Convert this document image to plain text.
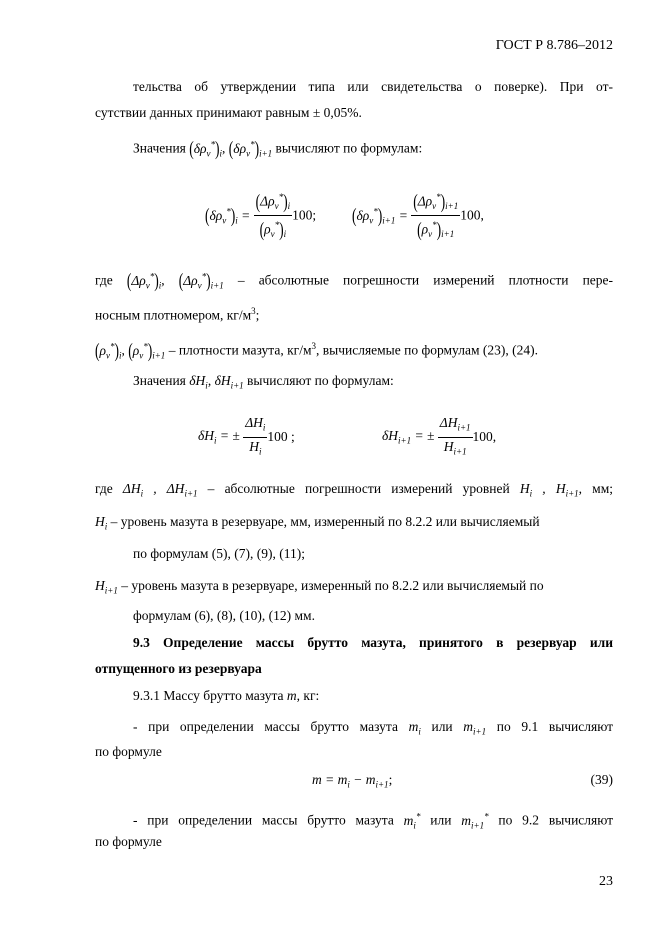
ГОСТ Р 8.786–2012
тельства об утверждении типа или свидетельства о поверке). При от-
сутствии данных принимают равным ± 0,05%.
Значения $(\delta\rho_v^*)_i$, $(\delta\rho_v^*)_{i+1}$ вычисляют по формулам:
$(\delta\rho_v^*)_i = \frac{(\Delta\rho_v^*)_i}{(\rho_v^*)_i} 100$;	$(\delta\rho_v^*)_{i+1} = \frac{(\Delta\rho_v^*)_{i+1}}{(\rho_v^*)_{i+1}} 100$,
где $(\Delta\rho_v^*)_i$, $(\Delta\rho_v^*)_{i+1}$ – абсолютные погрешности измерений плотности пере-
носным плотномером, $кг/м^3$;
$(\rho_v^*)_i$, $(\rho_v^*)_{i+1}$ – плотности мазута, $кг/м^3$, вычисляемые по формулам (23), (24).
Значения $\delta H_i$, $\delta H_{i+1}$ вычисляют по формулам:
$\delta H_i$ = ± $\frac{\Delta H_i}{H_i} 100$ ;	$\delta H_{i+1}$ = ± $\frac{\Delta H_{i+1}}{H_{i+1}} 100$,
где $\Delta H_i$ , $\Delta H_{i+1}$ – абсолютные погрешности измерений уровней $H_i$ , $H_{i+1}$, мм;
$H_i$ – уровень мазута в резервуаре, мм, измеренный по 8.2.2 или вычисляемый
по формулам (5), (7), (9), (11);
$H_{i+1}$ – уровень мазута в резервуаре, измеренный по 8.2.2 или вычисляемый по
формулам (6), (8), (10), (12) мм.
9.3 Определение массы брутто мазута, принятого в резервуар или
отпущенного из резервуара
9.3.1 Массу брутто мазута m, кг:
- при определении массы брутто мазута $m_i$ или $m_{i+1}$ по 9.1 вычисляют
по формуле
$m = m_i - m_{i+1}$;	(39)
- при определении массы брутто мазута $m_i^*$ или $m_{i+1}^*$ по 9.2 вычисляют
по формуле
23
